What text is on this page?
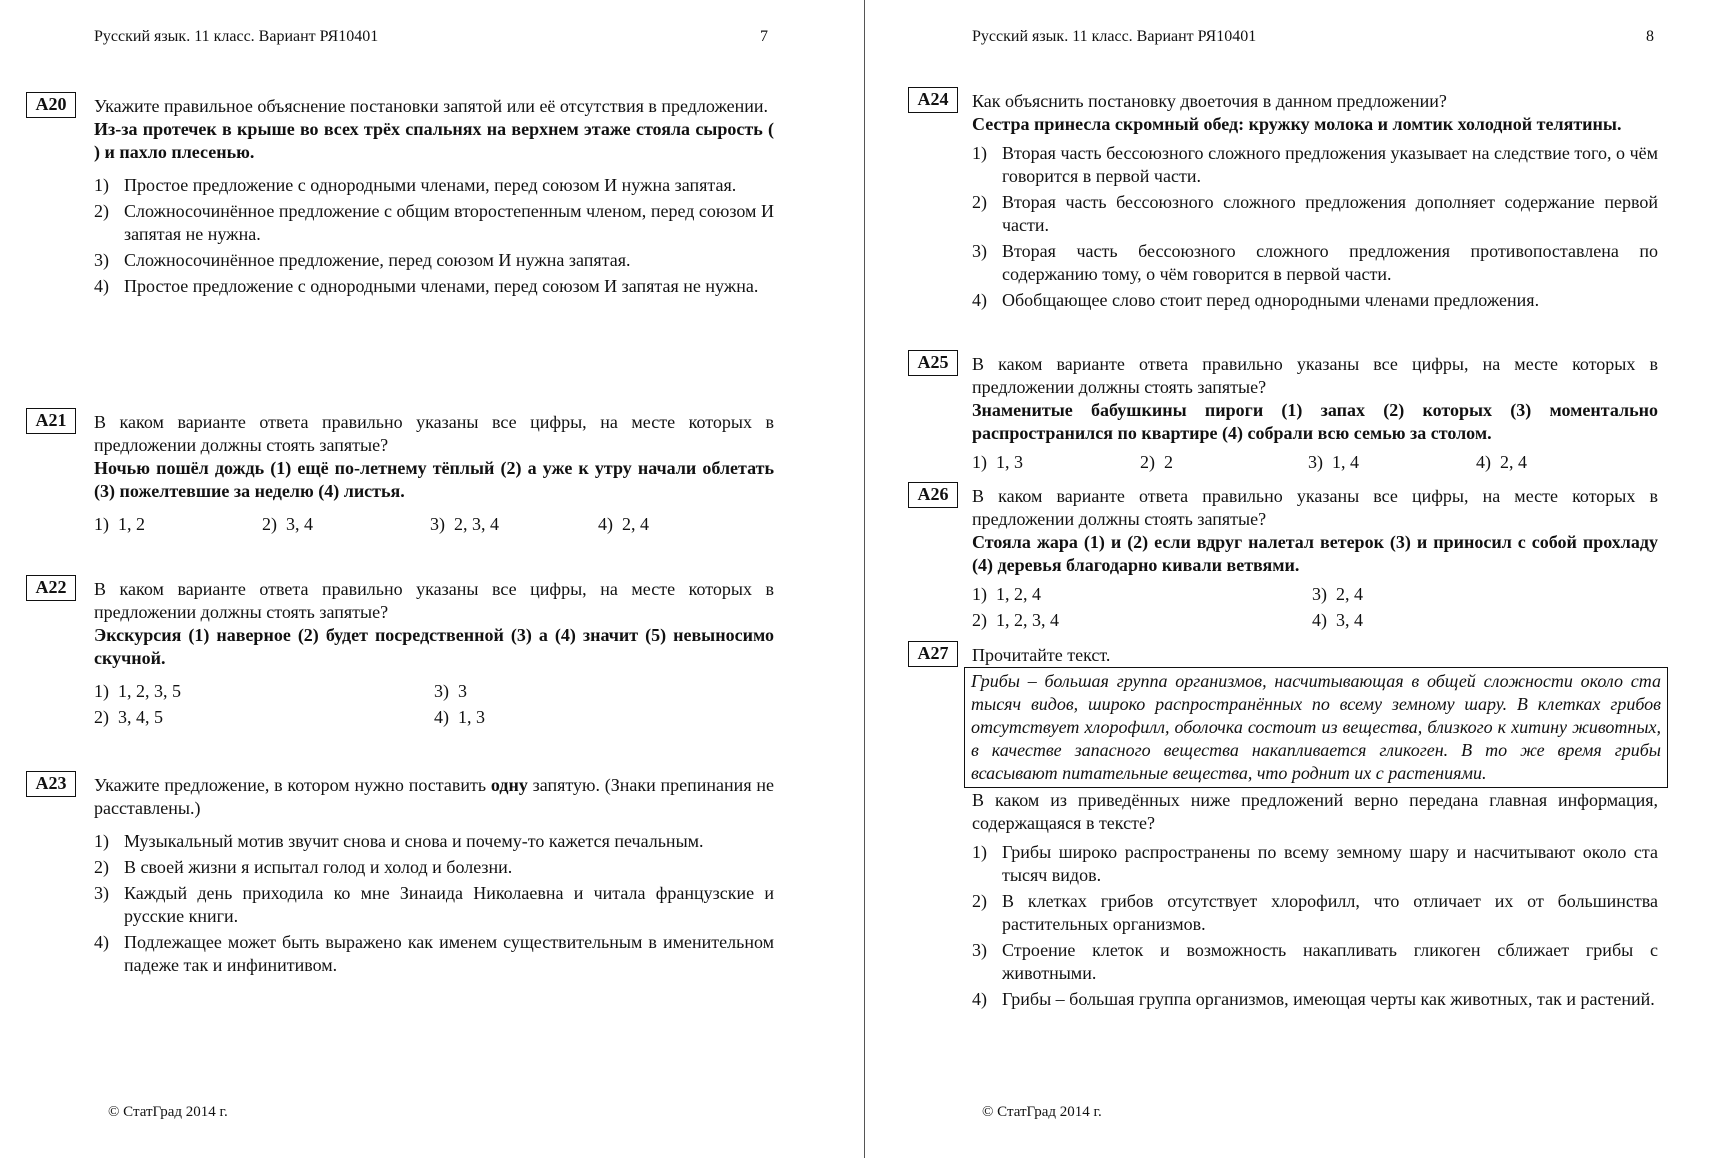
Русский язык. 11 класс. Вариант РЯ10401	7
A20	Укажите правильное объяснение постановки запятой или её отсутствия в предложении.

Из-за протечек в крыше во всех трёх спальнях на верхнем этаже стояла сырость ( ) и пахло плесенью.

1) Простое предложение с однородными членами, перед союзом И нужна запятая.
2) Сложносочинённое предложение с общим второстепенным членом, перед союзом И запятая не нужна.
3) Сложносочинённое предложение, перед союзом И нужна запятая.
4) Простое предложение с однородными членами, перед союзом И запятая не нужна.
A21	В каком варианте ответа правильно указаны все цифры, на месте которых в предложении должны стоять запятые?

Ночью пошёл дождь (1) ещё по-летнему тёплый (2) а уже к утру начали облетать (3) пожелтевшие за неделю (4) листья.

1) 1, 2	2) 3, 4	3) 2, 3, 4	4) 2, 4
A22	В каком варианте ответа правильно указаны все цифры, на месте которых в предложении должны стоять запятые?

Экскурсия (1) наверное (2) будет посредственной (3) а (4) значит (5) невыносимо скучной.

1) 1, 2, 3, 5	3) 3
2) 3, 4, 5	4) 1, 3
A23	Укажите предложение, в котором нужно поставить одну запятую. (Знаки препинания не расставлены.)

1) Музыкальный мотив звучит снова и снова и почему-то кажется печальным.
2) В своей жизни я испытал голод и холод и болезни.
3) Каждый день приходила ко мне Зинаида Николаевна и читала французские и русские книги.
4) Подлежащее может быть выражено как именем существительным в именительном падеже так и инфинитивом.
© СтатГрад 2014 г.
Русский язык. 11 класс. Вариант РЯ10401	8
A24	Как объяснить постановку двоеточия в данном предложении?

Сестра принесла скромный обед: кружку молока и ломтик холодной телятины.

1) Вторая часть бессоюзного сложного предложения указывает на следствие того, о чём говорится в первой части.
2) Вторая часть бессоюзного сложного предложения дополняет содержание первой части.
3) Вторая часть бессоюзного сложного предложения противопоставлена по содержанию тому, о чём говорится в первой части.
4) Обобщающее слово стоит перед однородными членами предложения.
A25	В каком варианте ответа правильно указаны все цифры, на месте которых в предложении должны стоять запятые?

Знаменитые бабушкины пироги (1) запах (2) которых (3) моментально распространился по квартире (4) собрали всю семью за столом.

1) 1, 3	2) 2	3) 1, 4	4) 2, 4
A26	В каком варианте ответа правильно указаны все цифры, на месте которых в предложении должны стоять запятые?

Стояла жара (1) и (2) если вдруг налетал ветерок (3) и приносил с собой прохладу (4) деревья благодарно кивали ветвями.

1) 1, 2, 4	3) 2, 4
2) 1, 2, 3, 4	4) 3, 4
A27	Прочитайте текст.

Грибы – большая группа организмов, насчитывающая в общей сложности около ста тысяч видов, широко распространённых по всему земному шару. В клетках грибов отсутствует хлорофилл, оболочка состоит из вещества, близкого к хитину животных, в качестве запасного вещества накапливается гликоген. В то же время грибы всасывают питательные вещества, что роднит их с растениями.

В каком из приведённых ниже предложений верно передана главная информация, содержащаяся в тексте?

1) Грибы широко распространены по всему земному шару и насчитывают около ста тысяч видов.
2) В клетках грибов отсутствует хлорофилл, что отличает их от большинства растительных организмов.
3) Строение клеток и возможность накапливать гликоген сближает грибы с животными.
4) Грибы – большая группа организмов, имеющая черты как животных, так и растений.
© СтатГрад 2014 г.
